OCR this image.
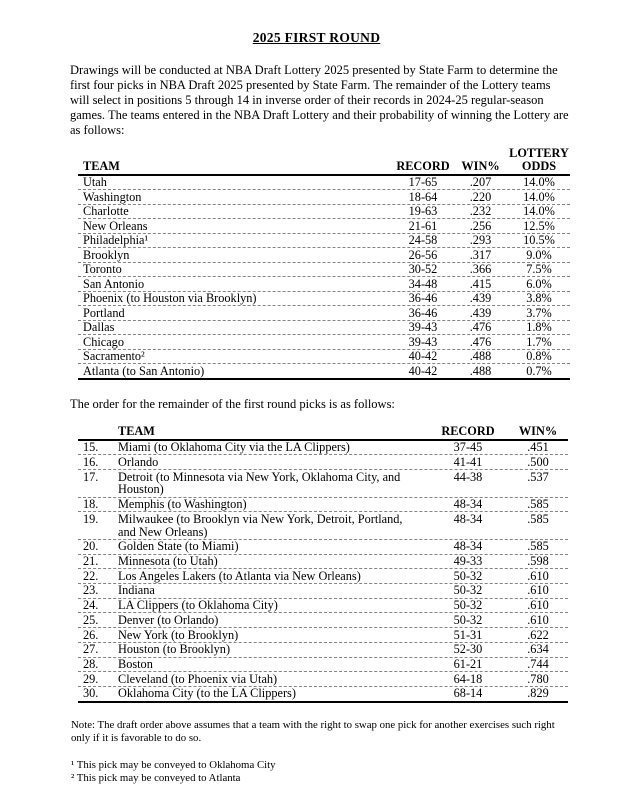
2025 FIRST ROUND
Drawings will be conducted at NBA Draft Lottery 2025 presented by State Farm to determine the first four picks in NBA Draft 2025 presented by State Farm. The remainder of the Lottery teams will select in positions 5 through 14 in inverse order of their records in 2024-25 regular-season games. The teams entered in the NBA Draft Lottery and their probability of winning the Lottery are as follows:
TEAM	RECORD WIN%
LOTTERY
ODDS
Utah	17-65	.207	14.0%
Washington	18-64	.220	14.0%
Charlotte	19-63	.232	14.0%
New Orleans	21-61	.256	12.5%
Philadelphia¹	24-58	.293	10.5%
Brooklyn	26-56	.317	9.0%
Toronto	30-52	.366	7.5%
San Antonio	34-48	.415	6.0%
Phoenix (to Houston via Brooklyn)	36-46	.439	3.8%
Portland	36-46	.439	3.7%
Dallas	39-43	.476	1.8%
Chicago	39-43	.476	1.7%
Sacramento²	40-42	.488	0.8%
Atlanta (to San Antonio)	40-42	.488	0.7%
The order for the remainder of the first round picks is as follows:
TEAM	RECORD	WIN%
15.	Miami (to Oklahoma City via the LA Clippers)	37-45	.451
16.	Orlando	41-41	.500
17.	Detroit (to Minnesota via New York, Oklahoma City, and Houston)
44-38	.537
18.	Memphis (to Washington)	48-34	.585
19.	Milwaukee (to Brooklyn via New York, Detroit, Portland, and New Orleans)
48-34	.585
20.	Golden State (to Miami)	48-34	.585
21.	Minnesota (to Utah)	49-33	.598
22.	Los Angeles Lakers (to Atlanta via New Orleans)	50-32	.610
23.	Indiana	50-32	.610
24.	LA Clippers (to Oklahoma City)	50-32	.610
25.	Denver (to Orlando)	50-32	.610
26.	New York (to Brooklyn)	51-31	.622
27.	Houston (to Brooklyn)	52-30	.634
28.	Boston	61-21	.744
29.	Cleveland (to Phoenix via Utah)	64-18	.780
30.	Oklahoma City (to the LA Clippers)	68-14	.829
Note: The draft order above assumes that a team with the right to swap one pick for another exercises such right only if it is favorable to do so.
¹ This pick may be conveyed to Oklahoma City
² This pick may be conveyed to Atlanta
